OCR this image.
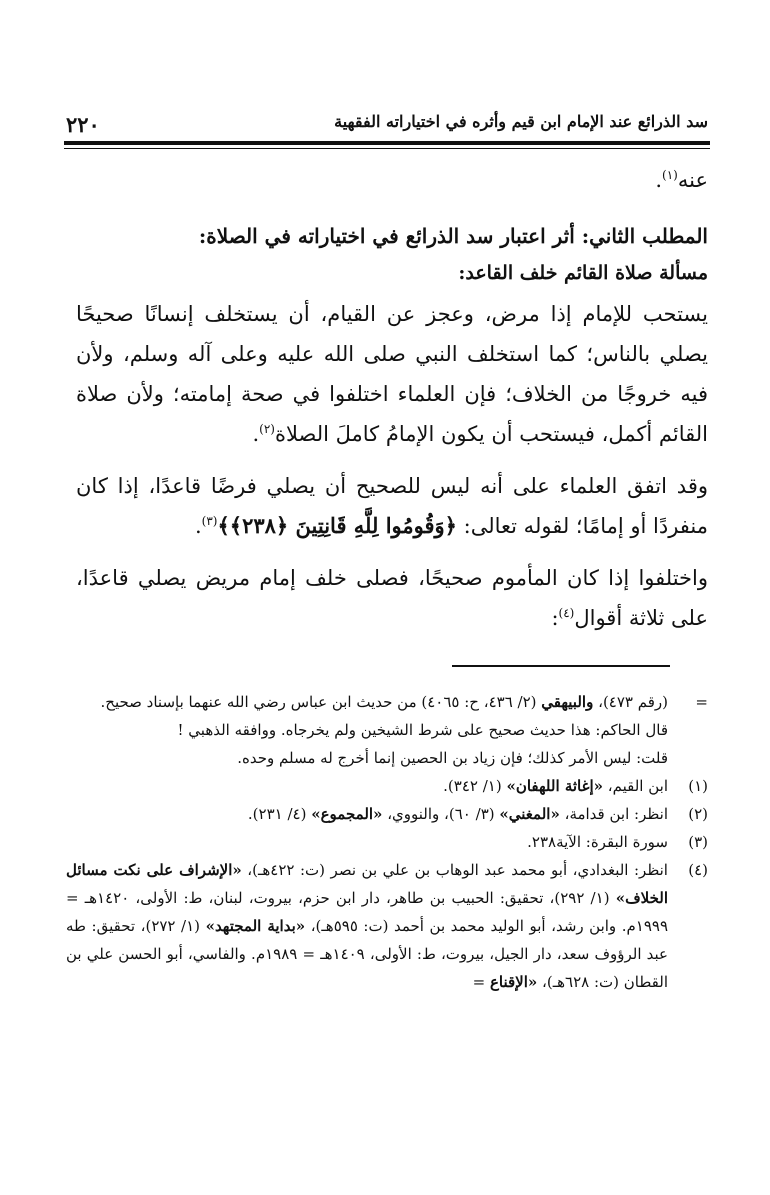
٢٢٠	سد الذرائع عند الإمام ابن قيم وأثره في اختياراته الفقهية

عنه$^{(١)}$.

المطلب الثاني: أثر اعتبار سد الذرائع في اختياراته في الصلاة:

مسألة صلاة القائم خلف القاعد:

يستحب للإمام إذا مرض، وعجز عن القيام، أن يستخلف إنسانًا صحيحًا يصلي بالناس؛ كما استخلف النبي صلى الله عليه وعلى آله وسلم، ولأن فيه خروجًا من الخلاف؛ فإن العلماء اختلفوا في صحة إمامته؛ ولأن صلاة القائم أكمل، فيستحب أن يكون الإمامُ كاملَ الصلاة$^{(٢)}$.

وقد اتفق العلماء على أنه ليس للصحيح أن يصلي فرضًا قاعدًا، إذا كان منفردًا أو إمامًا؛ لقوله تعالى: ﴿وَقُومُوا لِلَّهِ قَانِتِينَ ﴿٢٣٨﴾﴾$^{(٣)}$.

واختلفوا إذا كان المأموم صحيحًا، فصلى خلف إمام مريض يصلي قاعدًا، على ثلاثة أقوال$^{(٤)}$:

=

(رقم ٤٧٣)، والبيهقي (٢/ ٤٣٦، ح: ٤٠٦٥) من حديث ابن عباس رضي الله عنهما بإسناد صحيح.

قال الحاكم: هذا حديث صحيح على شرط الشيخين ولم يخرجاه. ووافقه الذهبي !

قلت: ليس الأمر كذلك؛ فإن زياد بن الحصين إنما أخرج له مسلم وحده.

(١)

ابن القيم، «إغاثة اللهفان» (١/ ٣٤٢).

(٢)

انظر: ابن قدامة، «المغني» (٣/ ٦٠)، والنووي، «المجموع» (٤/ ٢٣١).

(٣)

سورة البقرة: الآية٢٣٨.

(٤)

انظر: البغدادي، أبو محمد عبد الوهاب بن علي بن نصر (ت: ٤٢٢هـ)، «الإشراف على نكت مسائل الخلاف» (١/ ٢٩٢)، تحقيق: الحبيب بن طاهر، دار ابن حزم، بيروت، لبنان، ط: الأولى، ١٤٢٠هـ = ١٩٩٩م. وابن رشد، أبو الوليد محمد بن أحمد (ت: ٥٩٥هـ)، «بداية المجتهد» (١/ ٢٧٢)، تحقيق: طه عبد الرؤوف سعد، دار الجيل، بيروت، ط: الأولى، ١٤٠٩هـ = ١٩٨٩م. والفاسي، أبو الحسن علي بن القطان (ت: ٦٢٨هـ)، «الإقناع =
